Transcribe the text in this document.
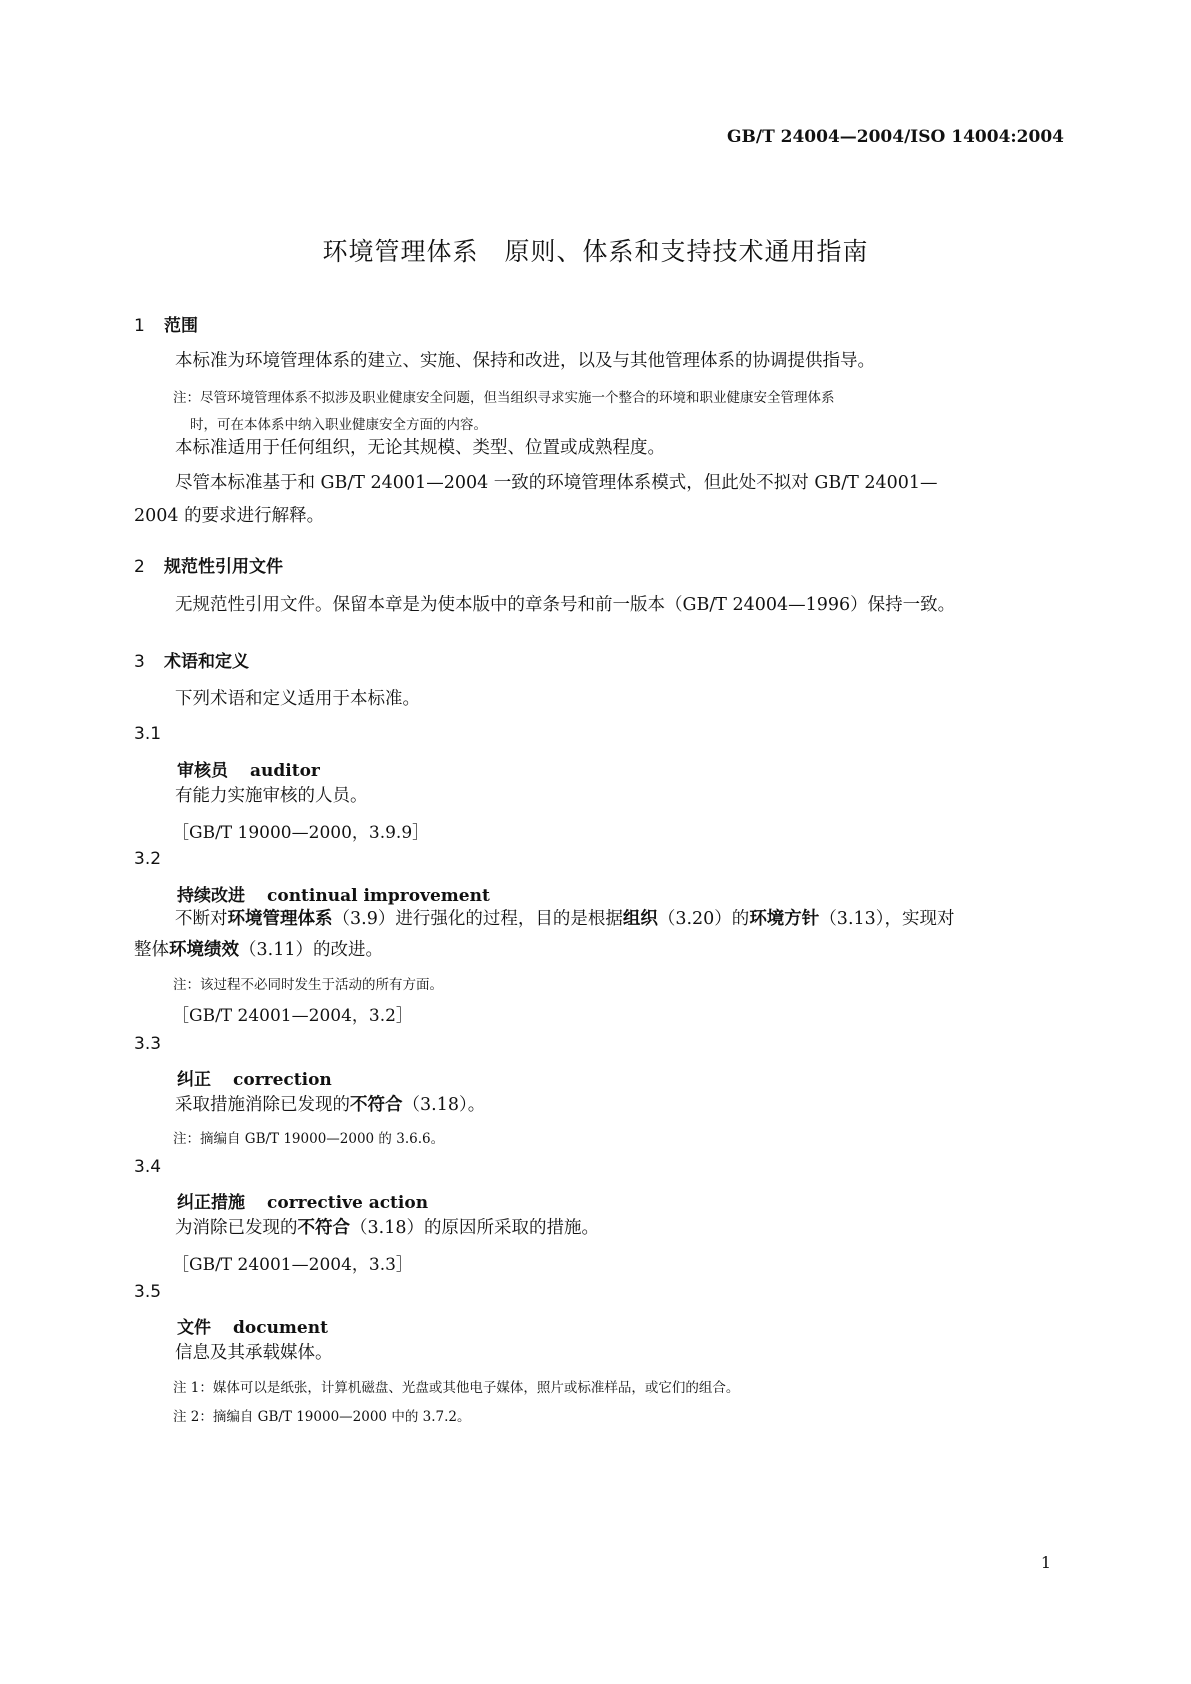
GB/T 24004—2004/ISO 14004:2004
环境管理体系　原则、体系和支持技术通用指南
1 范围
本标准为环境管理体系的建立、实施、保持和改进，以及与其他管理体系的协调提供指导。
注：尽管环境管理体系不拟涉及职业健康安全问题，但当组织寻求实施一个整合的环境和职业健康安全管理体系
时，可在本体系中纳入职业健康安全方面的内容。
本标准适用于任何组织，无论其规模、类型、位置或成熟程度。
尽管本标准基于和 GB/T 24001—2004 一致的环境管理体系模式，但此处不拟对 GB/T 24001—
2004 的要求进行解释。
2 规范性引用文件
无规范性引用文件。保留本章是为使本版中的章条号和前一版本（GB/T 24004—1996）保持一致。
3 术语和定义
下列术语和定义适用于本标准。
3.1
审核员 auditor
有能力实施审核的人员。
［GB/T 19000—2000，3.9.9］
3.2
持续改进 continual improvement
不断对环境管理体系（3.9）进行强化的过程，目的是根据组织（3.20）的环境方针（3.13），实现对
整体环境绩效（3.11）的改进。
注：该过程不必同时发生于活动的所有方面。
［GB/T 24001—2004，3.2］
3.3
纠正 correction
采取措施消除已发现的不符合（3.18）。
注：摘编自 GB/T 19000—2000 的 3.6.6。
3.4
纠正措施 corrective action
为消除已发现的不符合（3.18）的原因所采取的措施。
［GB/T 24001—2004，3.3］
3.5
文件 document
信息及其承载媒体。
注 1：媒体可以是纸张，计算机磁盘、光盘或其他电子媒体，照片或标准样品，或它们的组合。
注 2：摘编自 GB/T 19000—2000 中的 3.7.2。
1
